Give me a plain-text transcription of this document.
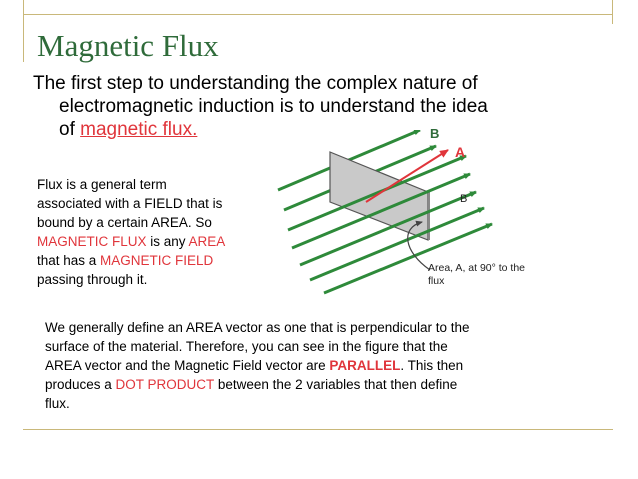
Magnetic Flux
The first step to understanding the complex nature of
electromagnetic induction is to understand the idea
of magnetic flux.
Flux is a general term
associated with a FIELD that is
bound by a certain AREA. So
MAGNETIC FLUX is any AREA
that has a MAGNETIC FIELD
passing through it.
B
A
B
Area, A, at 90° to the
flux
We generally define an AREA vector as one that is perpendicular to the
surface of the material. Therefore, you can see in the figure that the
AREA vector and the Magnetic Field vector are PARALLEL. This then
produces a DOT PRODUCT between the 2 variables that then define
flux.
